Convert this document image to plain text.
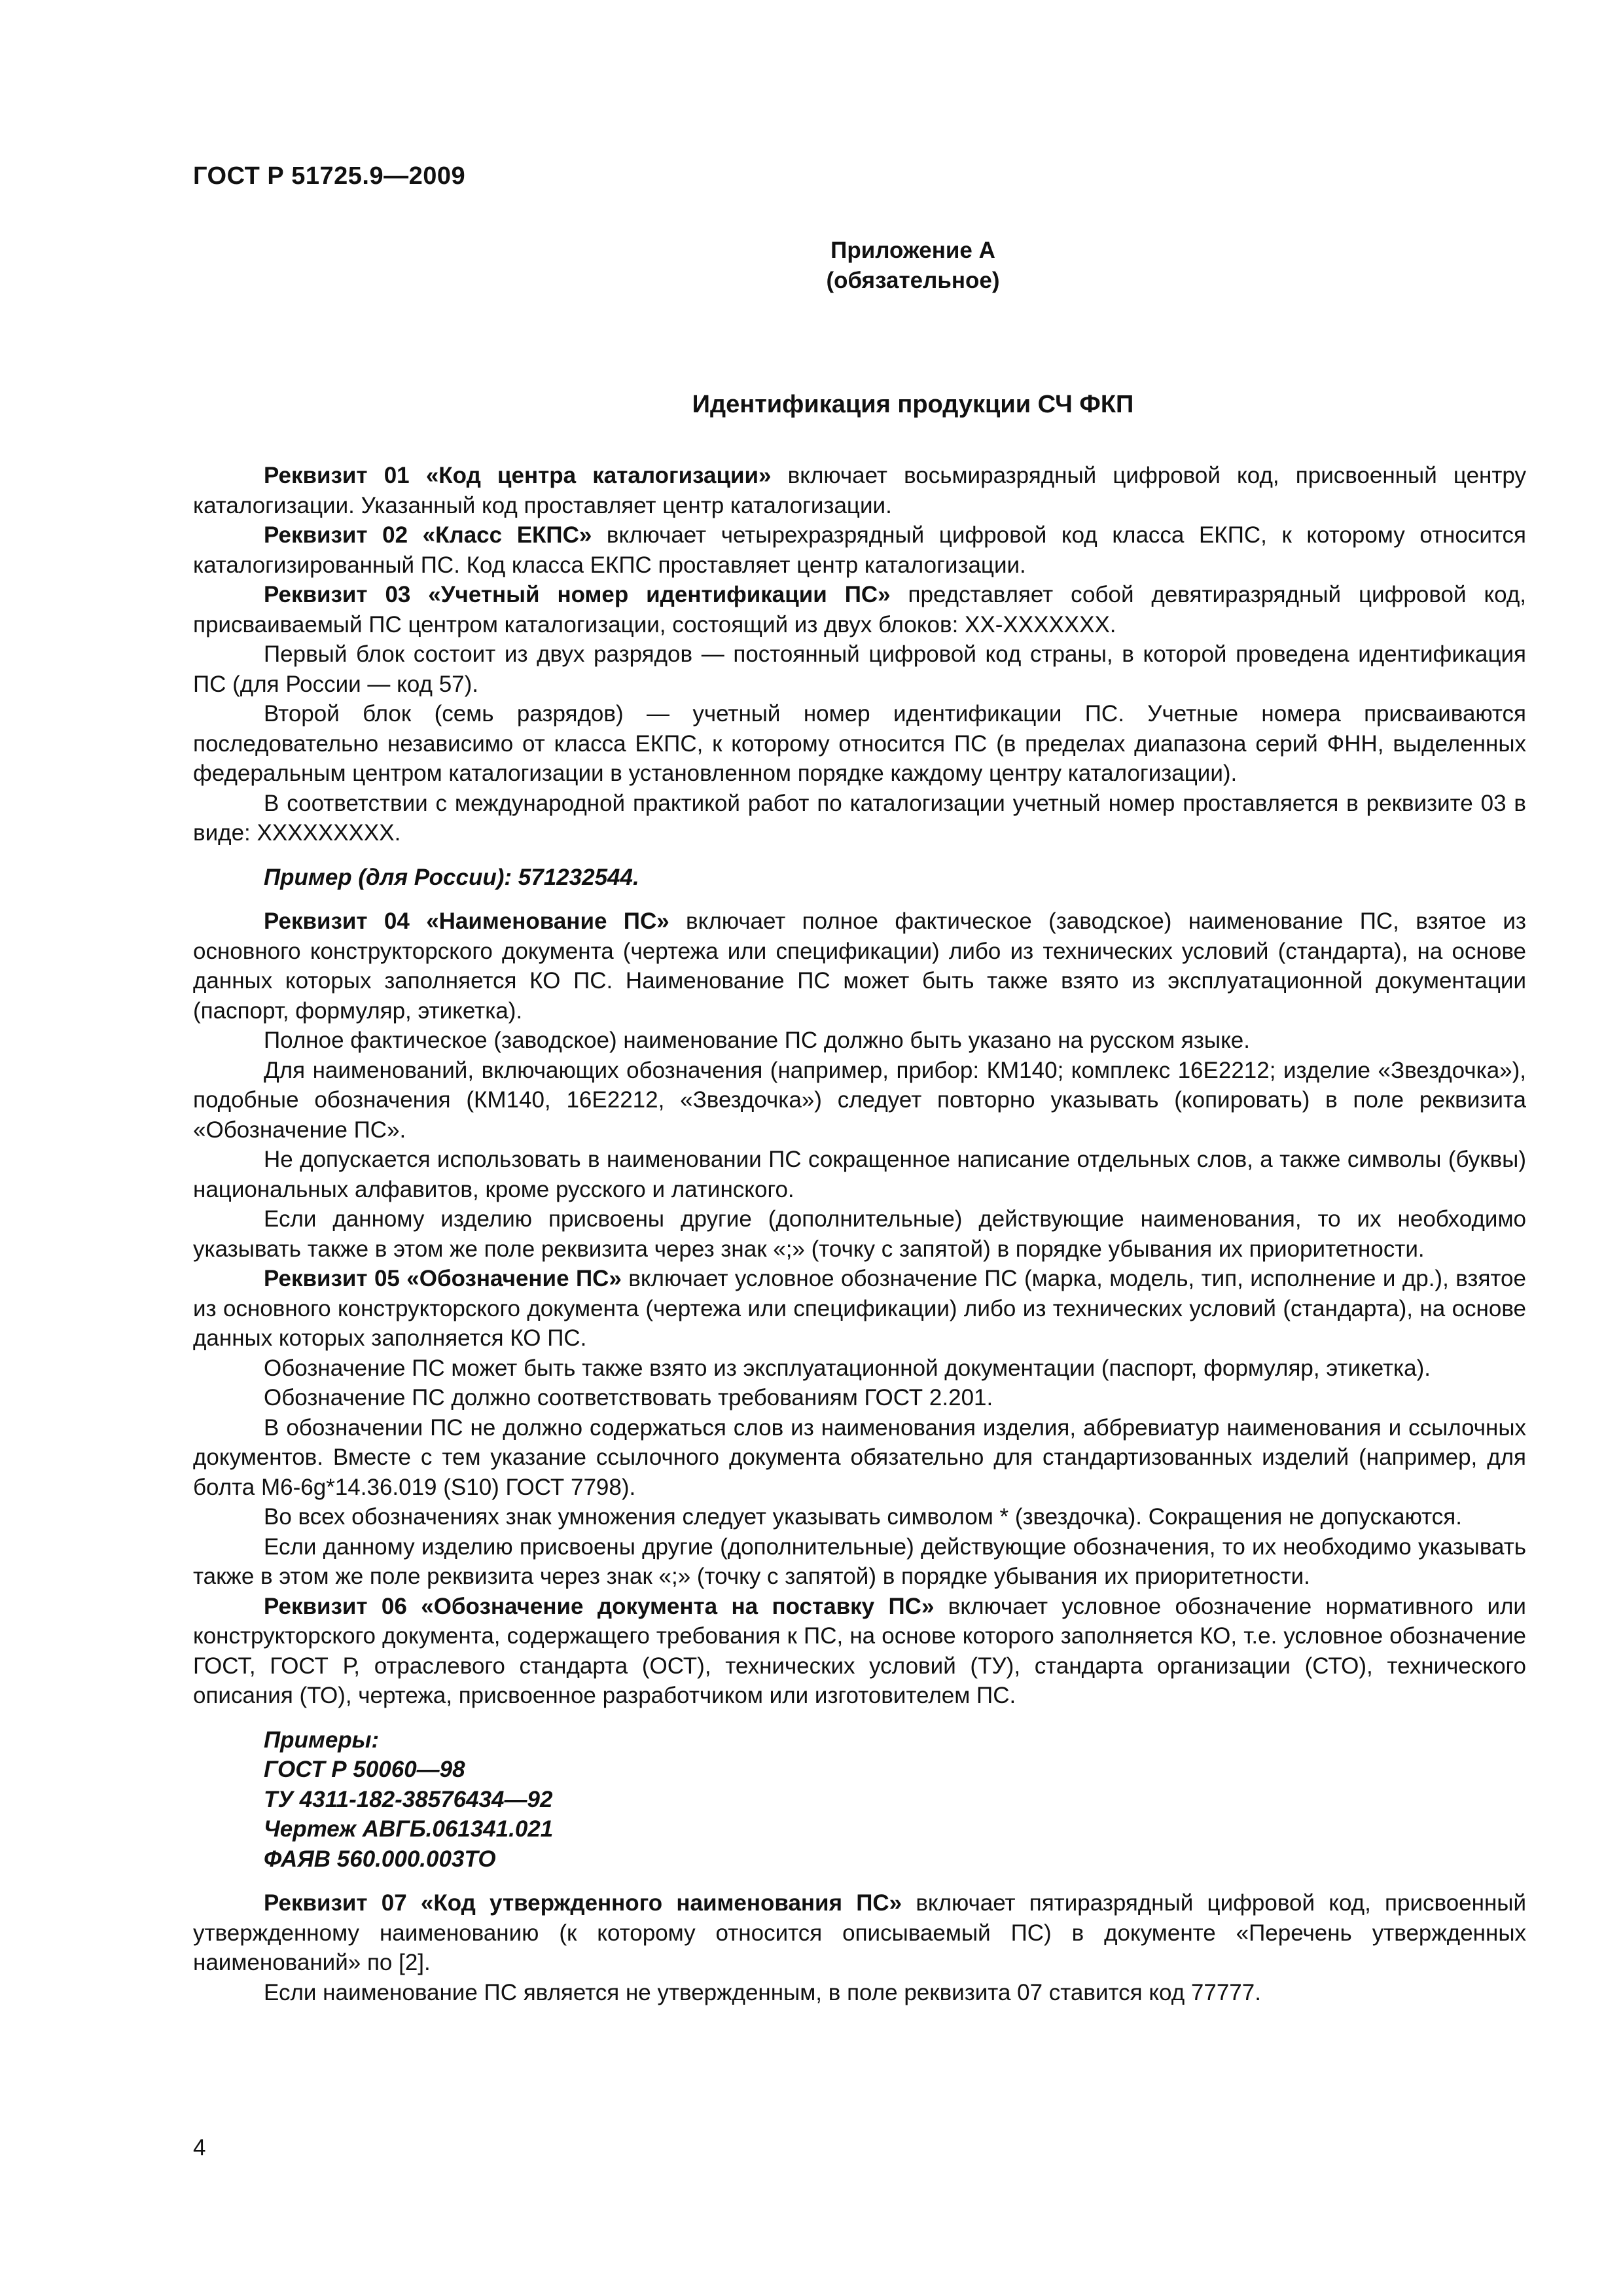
ГОСТ Р 51725.9—2009
Приложение А
(обязательное)
Идентификация продукции СЧ ФКП

Реквизит 01 «Код центра каталогизации» включает восьмиразрядный цифровой код, присвоенный центру каталогизации. Указанный код проставляет центр каталогизации.

Реквизит 02 «Класс ЕКПС» включает четырехразрядный цифровой код класса ЕКПС, к которому относится каталогизированный ПС. Код класса ЕКПС проставляет центр каталогизации.

Реквизит 03 «Учетный номер идентификации ПС» представляет собой девятиразрядный цифровой код, присваиваемый ПС центром каталогизации, состоящий из двух блоков: XX-XXXXXXX.

Первый блок состоит из двух разрядов — постоянный цифровой код страны, в которой проведена идентификация ПС (для России — код 57).

Второй блок (семь разрядов) — учетный номер идентификации ПС. Учетные номера присваиваются последовательно независимо от класса ЕКПС, к которому относится ПС (в пределах диапазона серий ФНН, выделенных федеральным центром каталогизации в установленном порядке каждому центру каталогизации).

В соответствии с международной практикой работ по каталогизации учетный номер проставляется в реквизите 03 в виде: XXXXXXXXX.

Пример (для России): 571232544.

Реквизит 04 «Наименование ПС» включает полное фактическое (заводское) наименование ПС, взятое из основного конструкторского документа (чертежа или спецификации) либо из технических условий (стандарта), на основе данных которых заполняется КО ПС. Наименование ПС может быть также взято из эксплуатационной документации (паспорт, формуляр, этикетка).

Полное фактическое (заводское) наименование ПС должно быть указано на русском языке.

Для наименований, включающих обозначения (например, прибор: КМ140; комплекс 16Е2212; изделие «Звездочка»), подобные обозначения (КМ140, 16Е2212, «Звездочка») следует повторно указывать (копировать) в поле реквизита «Обозначение ПС».

Не допускается использовать в наименовании ПС сокращенное написание отдельных слов, а также символы (буквы) национальных алфавитов, кроме русского и латинского.

Если данному изделию присвоены другие (дополнительные) действующие наименования, то их необходимо указывать также в этом же поле реквизита через знак «;» (точку с запятой) в порядке убывания их приоритетности.

Реквизит 05 «Обозначение ПС» включает условное обозначение ПС (марка, модель, тип, исполнение и др.), взятое из основного конструкторского документа (чертежа или спецификации) либо из технических условий (стандарта), на основе данных которых заполняется КО ПС.

Обозначение ПС может быть также взято из эксплуатационной документации (паспорт, формуляр, этикетка).

Обозначение ПС должно соответствовать требованиям ГОСТ 2.201.

В обозначении ПС не должно содержаться слов из наименования изделия, аббревиатур наименования и ссылочных документов. Вместе с тем указание ссылочного документа обязательно для стандартизованных изделий (например, для болта М6-6g*14.36.019 (S10) ГОСТ 7798).

Во всех обозначениях знак умножения следует указывать символом * (звездочка). Сокращения не допускаются.

Если данному изделию присвоены другие (дополнительные) действующие обозначения, то их необходимо указывать также в этом же поле реквизита через знак «;» (точку с запятой) в порядке убывания их приоритетности.

Реквизит 06 «Обозначение документа на поставку ПС» включает условное обозначение нормативного или конструкторского документа, содержащего требования к ПС, на основе которого заполняется КО, т.е. условное обозначение ГОСТ, ГОСТ Р, отраслевого стандарта (ОСТ), технических условий (ТУ), стандарта организации (СТО), технического описания (ТО), чертежа, присвоенное разработчиком или изготовителем ПС.

Примеры:
ГОСТ Р 50060—98
ТУ 4311-182-38576434—92
Чертеж АВГБ.061341.021
ФАЯВ 560.000.003ТО

Реквизит 07 «Код утвержденного наименования ПС» включает пятиразрядный цифровой код, присвоенный утвержденному наименованию (к которому относится описываемый ПС) в документе «Перечень утвержденных наименований» по [2].

Если наименование ПС является не утвержденным, в поле реквизита 07 ставится код 77777.

4
